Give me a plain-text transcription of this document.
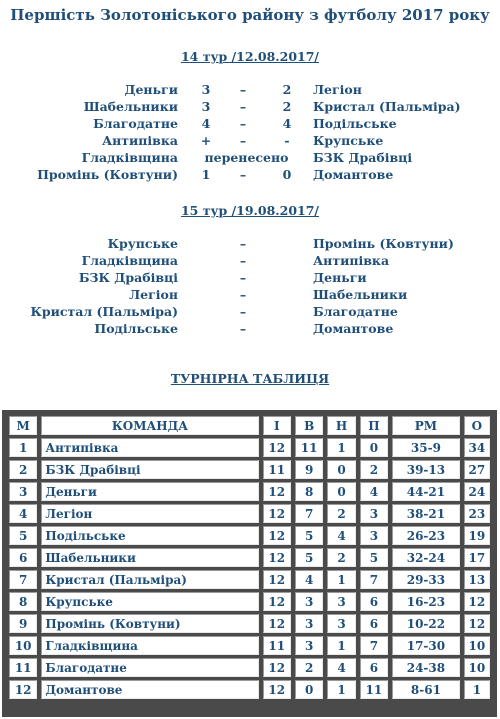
Першість Золотоніського району з футболу 2017 року
14 тур /12.08.2017/
Деньги	3	–	2	Легіон
Шабельники	3	–	2	Кристал (Пальміра)
Благодатне	4	–	4	Подільське
Антипівка	+	–	-	Крупське
Гладківщина	перенесено	БЗК Драбівці
Промінь (Ковтуни)	1	–	0	Домантове
15 тур /19.08.2017/
Крупське	–	Промінь (Ковтуни)
Гладківщина	–	Антипівка
БЗК Драбівці	–	Деньги
Легіон	–	Шабельники
Кристал (Пальміра)	–	Благодатне
Подільське	–	Домантове
ТУРНІРНА ТАБЛИЦЯ
М	КОМАНДА	І	В	Н	П	РМ	О
1	Антипівка	12	11	1	0	35-9	34
2	БЗК Драбівці	11	9	0	2	39-13	27
3	Деньги	12	8	0	4	44-21	24
4	Легіон	12	7	2	3	38-21	23
5	Подільське	12	5	4	3	26-23	19
6	Шабельники	12	5	2	5	32-24	17
7	Кристал (Пальміра)	12	4	1	7	29-33	13
8	Крупське	12	3	3	6	16-23	12
9	Промінь (Ковтуни)	12	3	3	6	10-22	12
10	Гладківщина	11	3	1	7	17-30	10
11	Благодатне	12	2	4	6	24-38	10
12	Домантове	12	0	1	11	8-61	1
